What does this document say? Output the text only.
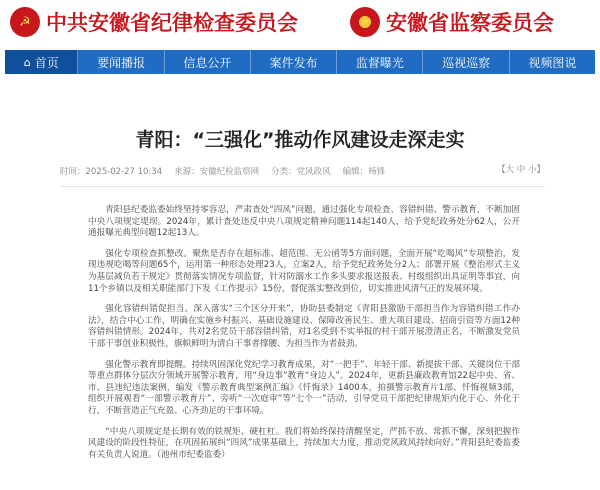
☭ 中共安徽省纪律检查委员会	★ 安徽省监察委员会
⌂ 首页	要闻播报	信息公开	案件发布	监督曝光	巡视巡察	视频图说
青阳：“三强化”推动作风建设走深走实
时间：2025-02-27 10:34 来源：安徽纪检监察网 分类：党风政风 编辑：杨锋	【大 中 小】

青阳县纪委监委始终坚持零容忍，严肃查处“四风”问题，通过强化专项检查、容错纠错、警示教育，不断加固中央八项规定堤坝。2024年，累计查处违反中央八项规定精神问题114起140人，给予党纪政务处分62人，公开通报曝光典型问题12起13人。

强化专项检查抓整改。聚焦是否存在超标准、超范围、无公函等5方面问题，全面开展“吃喝风”专项整治，发现违规吃喝等问题65个，运用第一种形态处理23人，立案2人，给予党纪政务处分2人；部署开展《整治形式主义为基层减负若干规定》贯彻落实情况专项监督，针对防溺水工作多头要求报送报表、村级组织出具证明等事宜，向11个乡镇以及相关职能部门下发《工作提示》15份，督促落实整改到位，切实推进风清气正的发展环境。

强化容错纠错促担当。深入落实“三个区分开来”，协助县委制定《青阳县激励干部担当作为容错纠错工作办法》，结合中心工作，明确在实施乡村振兴、基础设施建设、保障改善民生、重大项目建设、招商引资等方面12种容错纠错情形。2024年，共对2名党员干部容错纠错，对1名受到不实举报的村干部开展澄清正名，不断激发党员干部干事创业积极性，旗帜鲜明为清白干事者撑腰、为担当作为者鼓劲。

强化警示教育即提醒。持续巩固深化党纪学习教育成果，对“一把手”、年轻干部、新提拔干部、关键岗位干部等重点群体分层次分领域开展警示教育，用“身边事”教育“身边人”。2024年，更新县廉政教育馆22起中央、省、市、县违纪违法案例，编发《警示教育典型案例汇编》《忏悔录》1400本，拍摄警示教育片1部、忏悔视频3部，组织开展观看“一部警示教育片”、旁听“一次庭审”等“七个一”活动，引导党员干部把纪律规矩内化于心、外化于行，不断营造正气充盈、心齐劲足的干事环境。

“中央八项规定是长期有效的铁规矩、硬杠杠。我们将始终保持清醒坚定，严抓不放、常抓不懈，深刻把握作风建设的阶段性特征，在巩固拓展纠“四风”成果基础上，持续加大力度，推动党风政风持续向好。”青阳县纪委监委有关负责人说道。（池州市纪委监委）
